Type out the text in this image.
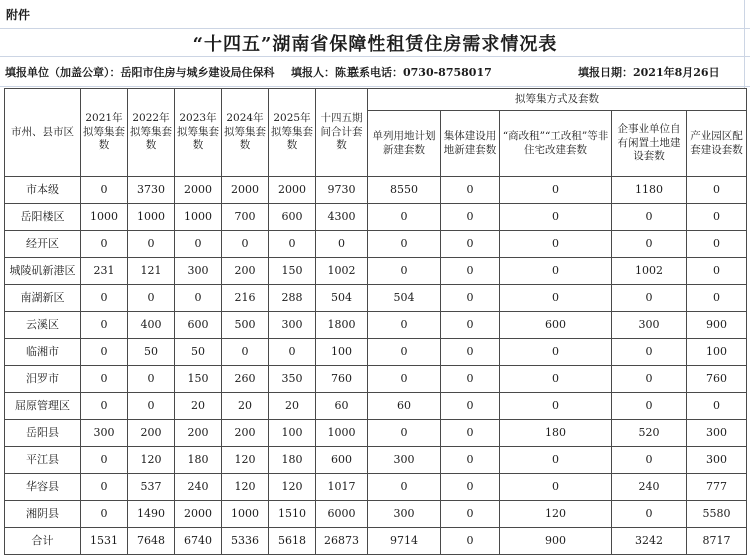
附件
“十四五”湖南省保障性租赁住房需求情况表
填报单位（加盖公章）：岳阳市住房与城乡建设局住保科 填报人：陈兰
联系电话：0730-8758017	填报日期：2021年8月26日
市州、县市区	2021年拟筹集套数	2022年拟筹集套数	2023年拟筹集套数	2024年拟筹集套数	2025年拟筹集套数	十四五期间合计套数	拟筹集方式及套数				
							单列用地计划新建套数	集体建设用地新建套数	“商改租”“工改租”等非住宅改建套数	企事业单位自有闲置土地建设套数	产业园区配套建设套数
市本级	0	3730	2000	2000	2000	9730	8550	0	0	1180	0
岳阳楼区	1000	1000	1000	700	600	4300	0	0	0	0	0
经开区	0	0	0	0	0	0	0	0	0	0	0
城陵矶新港区	231	121	300	200	150	1002	0	0	0	1002	0
南湖新区	0	0	0	216	288	504	504	0	0	0	0
云溪区	0	400	600	500	300	1800	0	0	600	300	900
临湘市	0	50	50	0	0	100	0	0	0	0	100
汨罗市	0	0	150	260	350	760	0	0	0	0	760
屈原管理区	0	0	20	20	20	60	60	0	0	0	0
岳阳县	300	200	200	200	100	1000	0	0	180	520	300
平江县	0	120	180	120	180	600	300	0	0	0	300
华容县	0	537	240	120	120	1017	0	0	0	240	777
湘阴县	0	1490	2000	1000	1510	6000	300	0	120	0	5580
合计	1531	7648	6740	5336	5618	26873	9714	0	900	3242	8717
